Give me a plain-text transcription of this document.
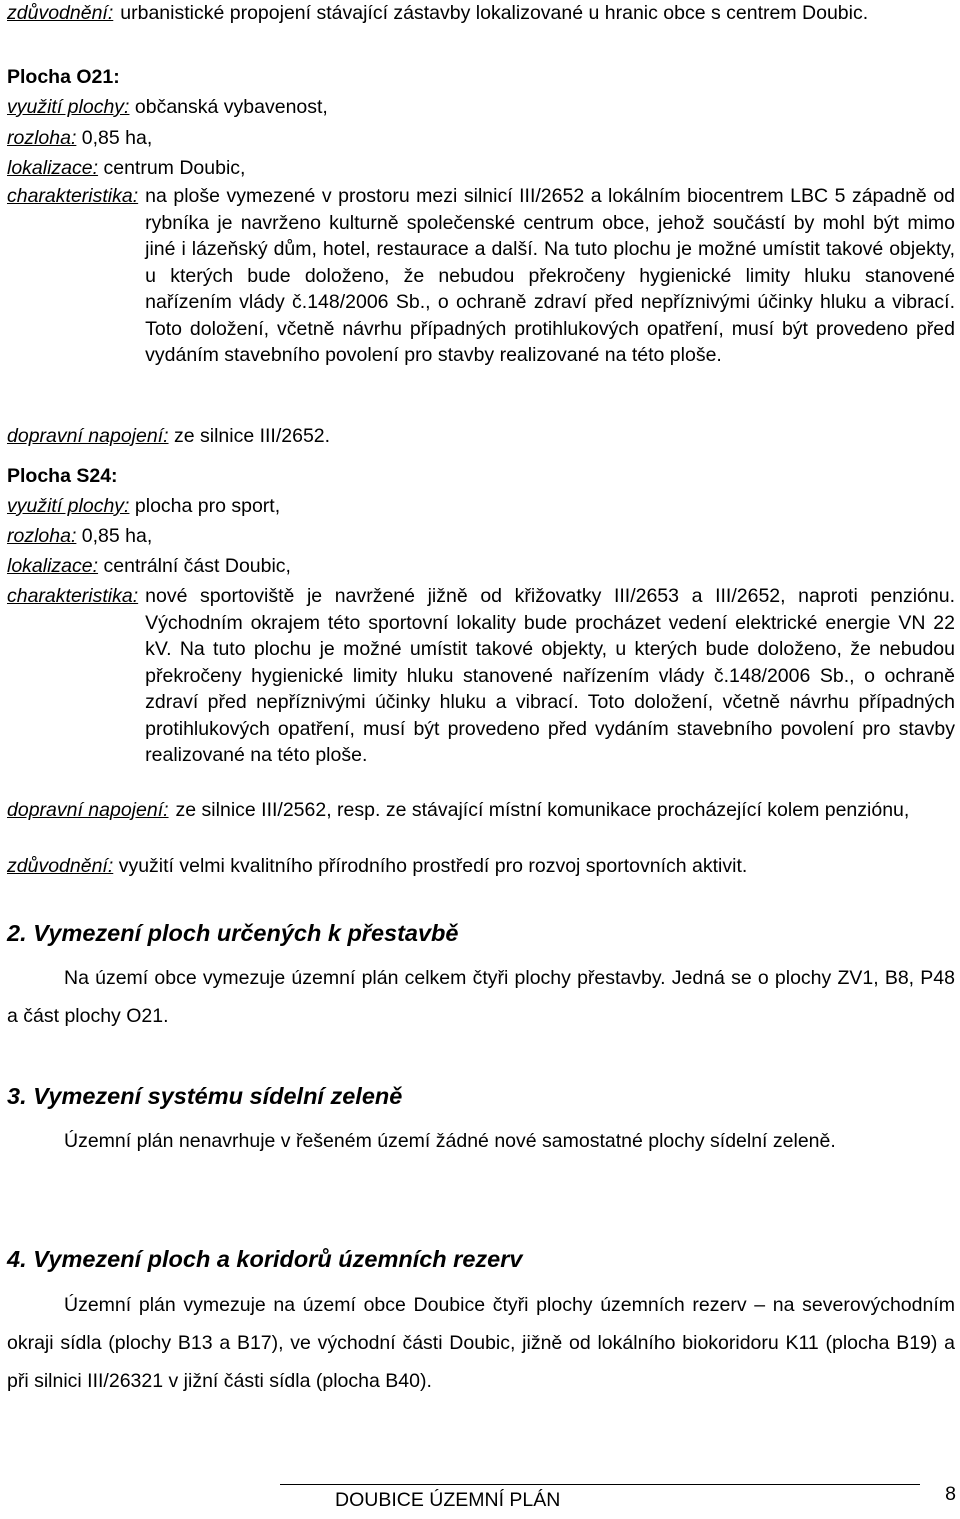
zdůvodnění: urbanistické propojení stávající zástavby lokalizované u hranic obce s centrem Doubic.
Plocha O21:
využití plochy: občanská vybavenost,
rozloha: 0,85 ha,
lokalizace: centrum Doubic,
charakteristika: na ploše vymezené v prostoru mezi silnicí III/2652 a lokálním biocentrem LBC 5 západně od rybníka je navrženo kulturně společenské centrum obce, jehož součástí by mohl být mimo jiné i lázeňský dům, hotel, restaurace a další. Na tuto plochu je možné umístit takové objekty, u kterých bude doloženo, že nebudou překročeny hygienické limity hluku stanovené nařízením vlády č.148/2006 Sb., o ochraně zdraví před nepříznivými účinky hluku a vibrací. Toto doložení, včetně návrhu případných protihlukových opatření, musí být provedeno před vydáním stavebního povolení pro stavby realizované na této ploše.
dopravní napojení: ze silnice III/2652.
Plocha S24:
využití plochy: plocha pro sport,
rozloha: 0,85 ha,
lokalizace: centrální část Doubic,
charakteristika: nové sportoviště je navržené jižně od křižovatky III/2653 a III/2652, naproti penziónu. Východním okrajem této sportovní lokality bude procházet vedení elektrické energie VN 22 kV. Na tuto plochu je možné umístit takové objekty, u kterých bude doloženo, že nebudou překročeny hygienické limity hluku stanovené nařízením vlády č.148/2006 Sb., o ochraně zdraví před nepříznivými účinky hluku a vibrací. Toto doložení, včetně návrhu případných protihlukových opatření, musí být provedeno před vydáním stavebního povolení pro stavby realizované na této ploše.
dopravní napojení: ze silnice III/2562, resp. ze stávající místní komunikace procházející kolem penziónu,
zdůvodnění: využití velmi kvalitního přírodního prostředí pro rozvoj sportovních aktivit.
2. Vymezení ploch určených k přestavbě
Na území obce vymezuje územní plán celkem čtyři plochy přestavby. Jedná se o plochy ZV1, B8, P48 a část plochy O21.
3. Vymezení systému sídelní zeleně
Územní plán nenavrhuje v řešeném území žádné nové samostatné plochy sídelní zeleně.
4. Vymezení ploch a koridorů územních rezerv
Územní plán vymezuje na území obce Doubice čtyři plochy územních rezerv – na severovýchodním okraji sídla (plochy B13 a B17), ve východní části Doubic, jižně od lokálního biokoridoru K11 (plocha B19) a při silnici III/26321 v jižní části sídla (plocha B40).
DOUBICE ÚZEMNÍ PLÁN	8
